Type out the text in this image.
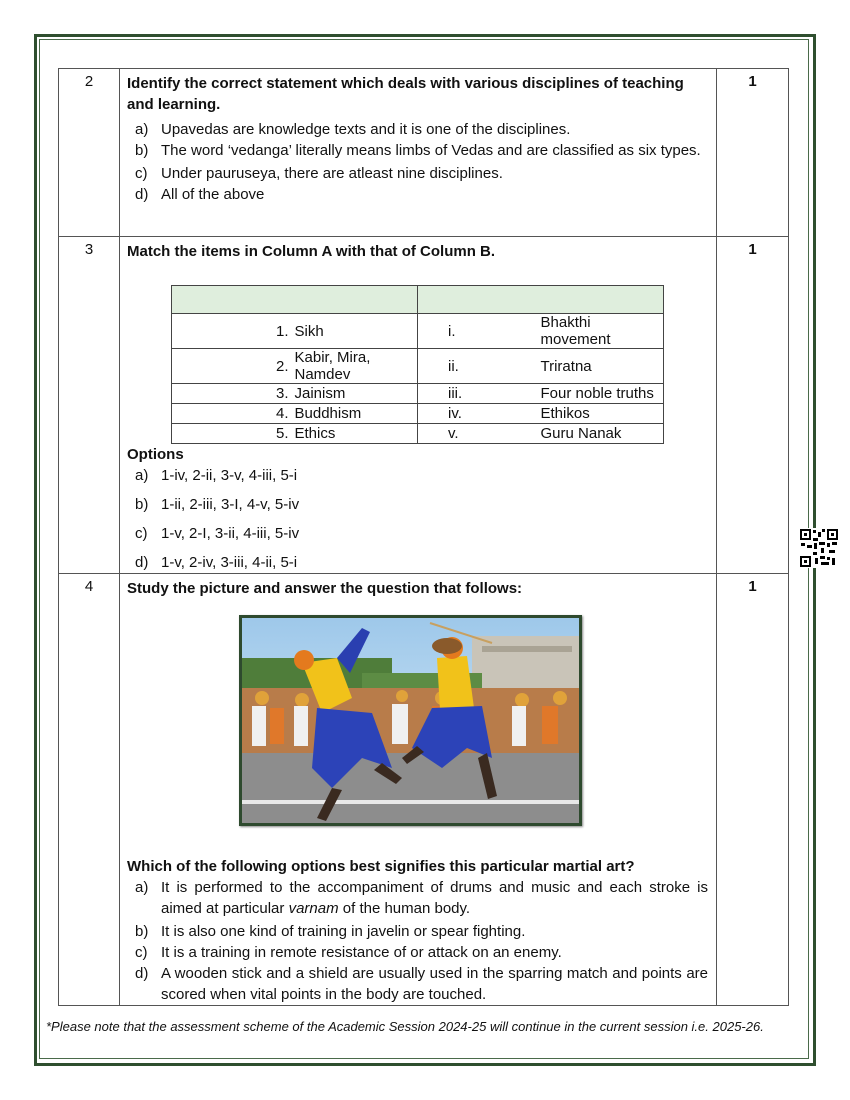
2	Identify the correct statement which deals with various disciplines of teaching and learning.
a) Upavedas are knowledge texts and it is one of the disciplines.
b) The word ‘vedanga’ literally means limbs of Vedas and are classified as six types.
c) Under pauruseya, there are atleast nine disciplines.
d) All of the above
	1
3	Match the items in Column A with that of Column B.

1.	Sikh	i.	Bhakthi movement
2.	Kabir, Mira, Namdev	ii.	Triratna
3.	Jainism	iii.	Four noble truths
4.	Buddhism	iv.	Ethikos
5.	Ethics	v.	Guru Nanak
Options
a) 1-iv, 2-ii, 3-v, 4-iii, 5-i
b) 1-ii, 2-iii, 3-I, 4-v, 5-iv
c) 1-v, 2-I, 3-ii, 4-iii, 5-iv
d) 1-v, 2-iv, 3-iii, 4-ii, 5-i
	1
4	Study the picture and answer the question that follows:
Which of the following options best signifies this particular martial art?
a) It is performed to the accompaniment of drums and music and each stroke is aimed at particular varnam of the human body.
b) It is also one kind of training in javelin or spear fighting.
c) It is a training in remote resistance of or attack on an enemy.
d) A wooden stick and a shield are usually used in the sparring match and points are scored when vital points in the body are touched.
	1
*Please note that the assessment scheme of the Academic Session 2024-25 will continue in the current session i.e. 2025-26.
